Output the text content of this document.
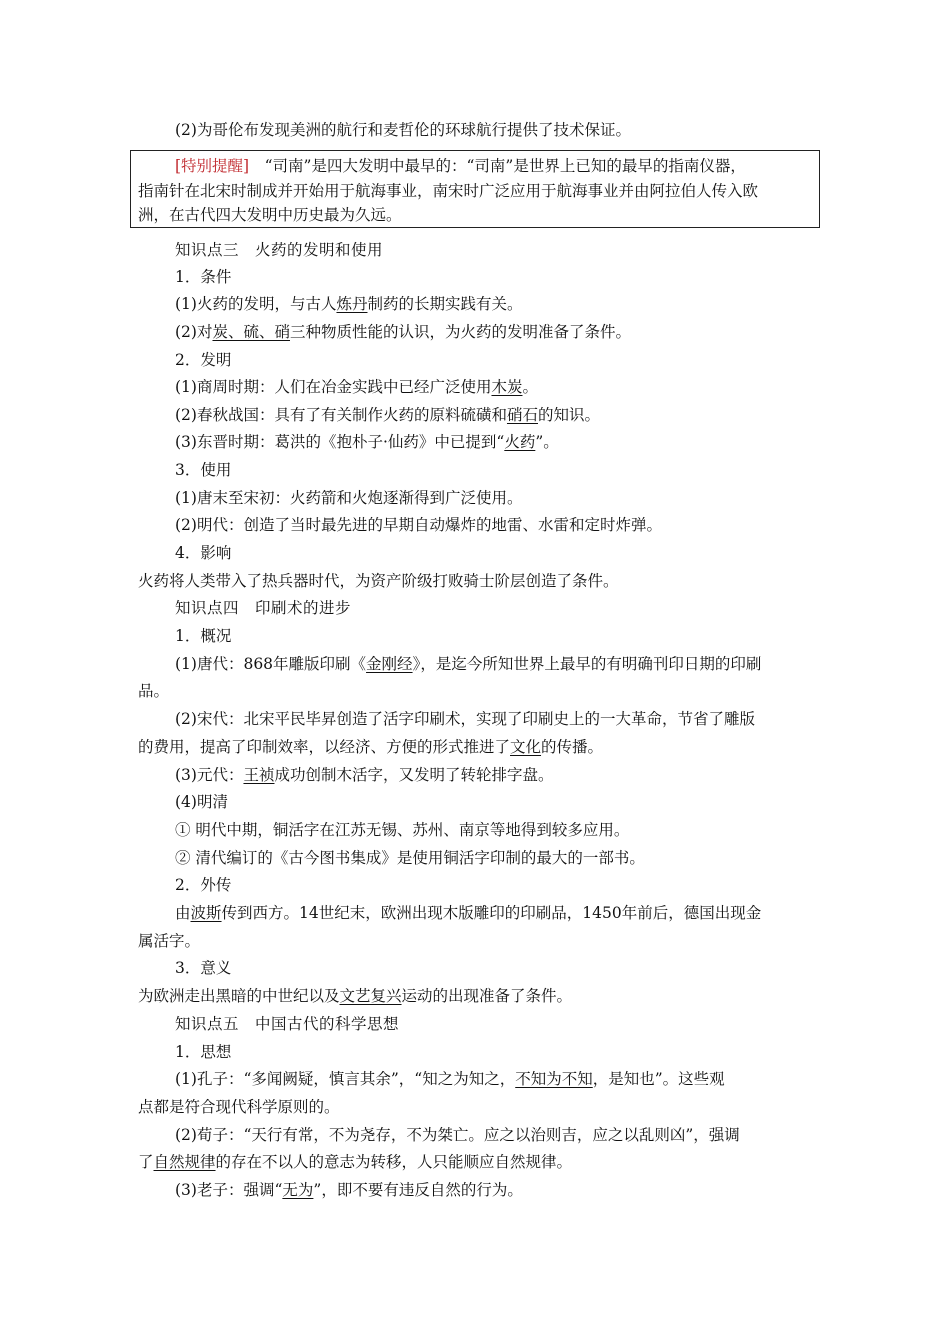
(2)为哥伦布发现美洲的航行和麦哲伦的环球航行提供了技术保证。
[特别提醒]　 “司南”是四大发明中最早的：“司南”是世界上已知的最早的指南仪器，
指南针在北宋时制成并开始用于航海事业，南宋时广泛应用于航海事业并由阿拉伯人传入欧
洲，在古代四大发明中历史最为久远。
知识点三　火药的发明和使用
1．条件
(1)火药的发明，与古人炼丹制药的长期实践有关。
(2)对炭、硫、硝三种物质性能的认识，为火药的发明准备了条件。
2．发明
(1)商周时期：人们在冶金实践中已经广泛使用木炭。
(2)春秋战国：具有了有关制作火药的原料硫磺和硝石的知识。
(3)东晋时期：葛洪的《抱朴子·仙药》中已提到“火药”。
3．使用
(1)唐末至宋初：火药箭和火炮逐渐得到广泛使用。
(2)明代：创造了当时最先进的早期自动爆炸的地雷、水雷和定时炸弹。
4．影响
火药将人类带入了热兵器时代，为资产阶级打败骑士阶层创造了条件。
知识点四　印刷术的进步
1．概况
(1)唐代：868年雕版印刷《金刚经》，是迄今所知世界上最早的有明确刊印日期的印刷
品。
(2)宋代：北宋平民毕昇创造了活字印刷术，实现了印刷史上的一大革命，节省了雕版
的费用，提高了印制效率，以经济、方便的形式推进了文化的传播。
(3)元代：王祯成功创制木活字，又发明了转轮排字盘。
(4)明清
① 明代中期，铜活字在江苏无锡、苏州、南京等地得到较多应用。
② 清代编订的《古今图书集成》是使用铜活字印制的最大的一部书。
2．外传
由波斯传到西方。14世纪末，欧洲出现木版雕印的印刷品，1450年前后，德国出现金
属活字。
3．意义
为欧洲走出黑暗的中世纪以及文艺复兴运动的出现准备了条件。
知识点五　中国古代的科学思想
1．思想
(1)孔子：“多闻阙疑，慎言其余”，“知之为知之，不知为不知，是知也”。这些观
点都是符合现代科学原则的。
(2)荀子：“天行有常，不为尧存，不为桀亡。应之以治则吉，应之以乱则凶”，强调
了自然规律的存在不以人的意志为转移，人只能顺应自然规律。
(3)老子：强调“无为”，即不要有违反自然的行为。
